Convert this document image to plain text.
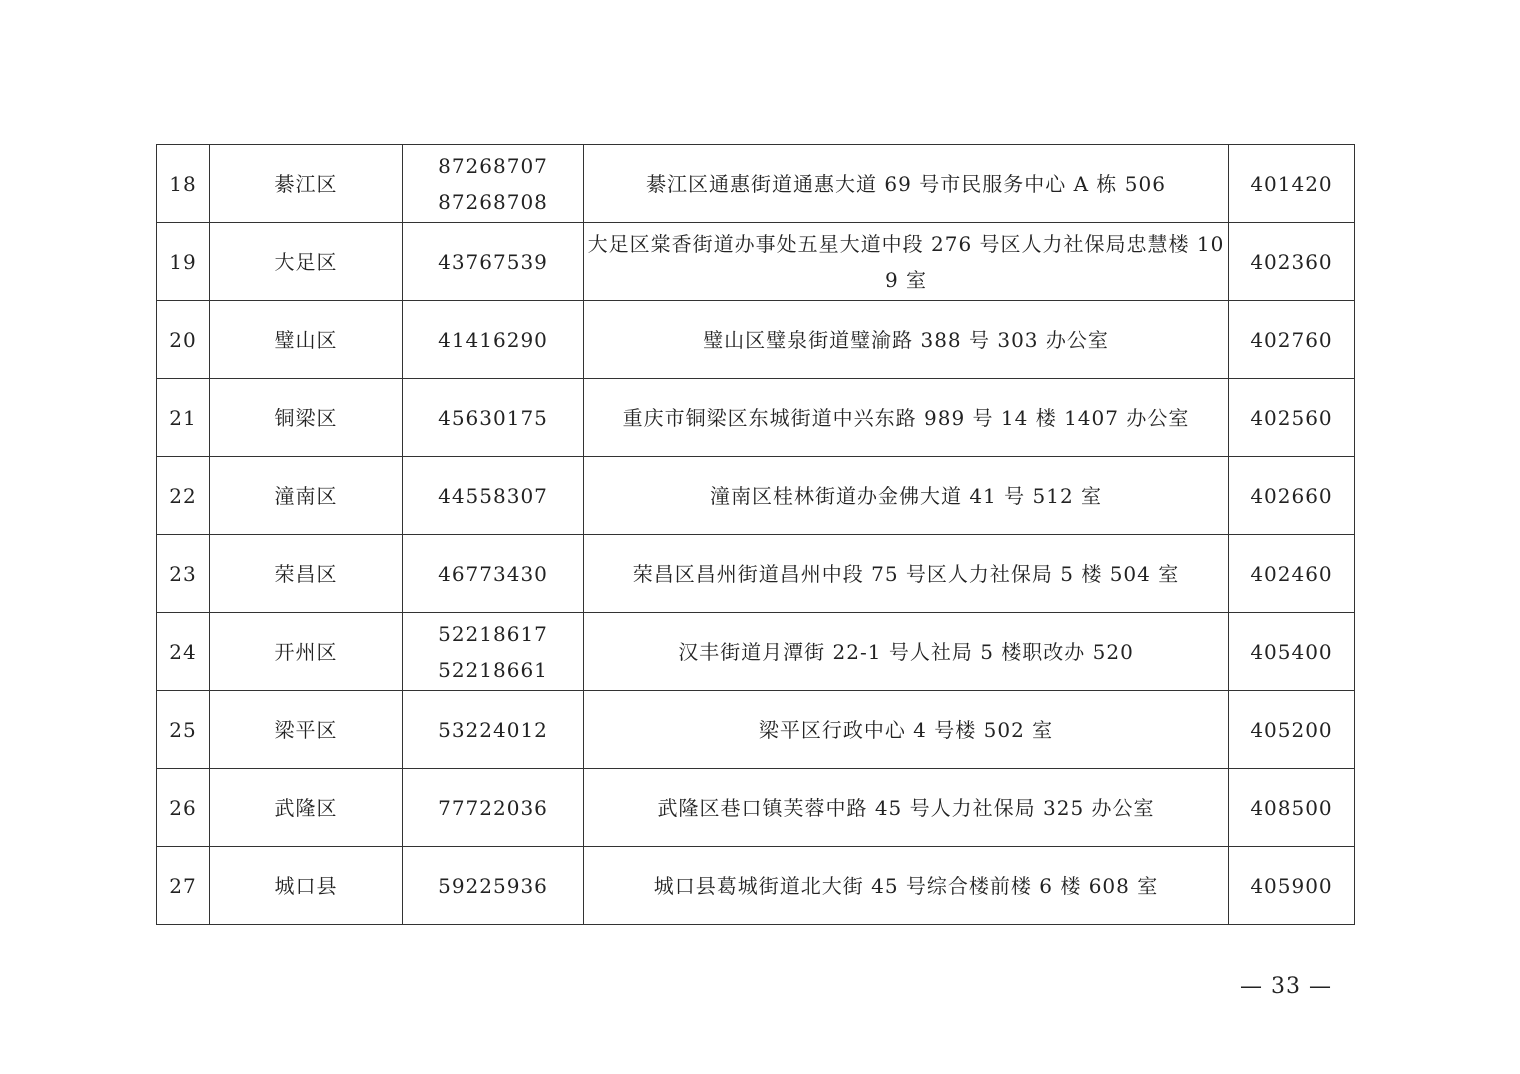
18	綦江区	87268707
87268708	綦江区通惠街道通惠大道 69 号市民服务中心 A 栋 506	401420

19	大足区	43767539	大足区棠香街道办事处五星大道中段 276 号区人力社保局忠慧楼 109 室	402360

20	璧山区	41416290	璧山区璧泉街道璧渝路 388 号 303 办公室	402760

21	铜梁区	45630175	重庆市铜梁区东城街道中兴东路 989 号 14 楼 1407 办公室	402560

22	潼南区	44558307	潼南区桂林街道办金佛大道 41 号 512 室	402660

23	荣昌区	46773430	荣昌区昌州街道昌州中段 75 号区人力社保局 5 楼 504 室	402460

24	开州区	52218617
52218661	汉丰街道月潭街 22-1 号人社局 5 楼职改办 520	405400

25	梁平区	53224012	梁平区行政中心 4 号楼 502 室	405200

26	武隆区	77722036	武隆区巷口镇芙蓉中路 45 号人力社保局 325 办公室	408500

27	城口县	59225936	城口县葛城街道北大街 45 号综合楼前楼 6 楼 608 室	405900
— 33 —
